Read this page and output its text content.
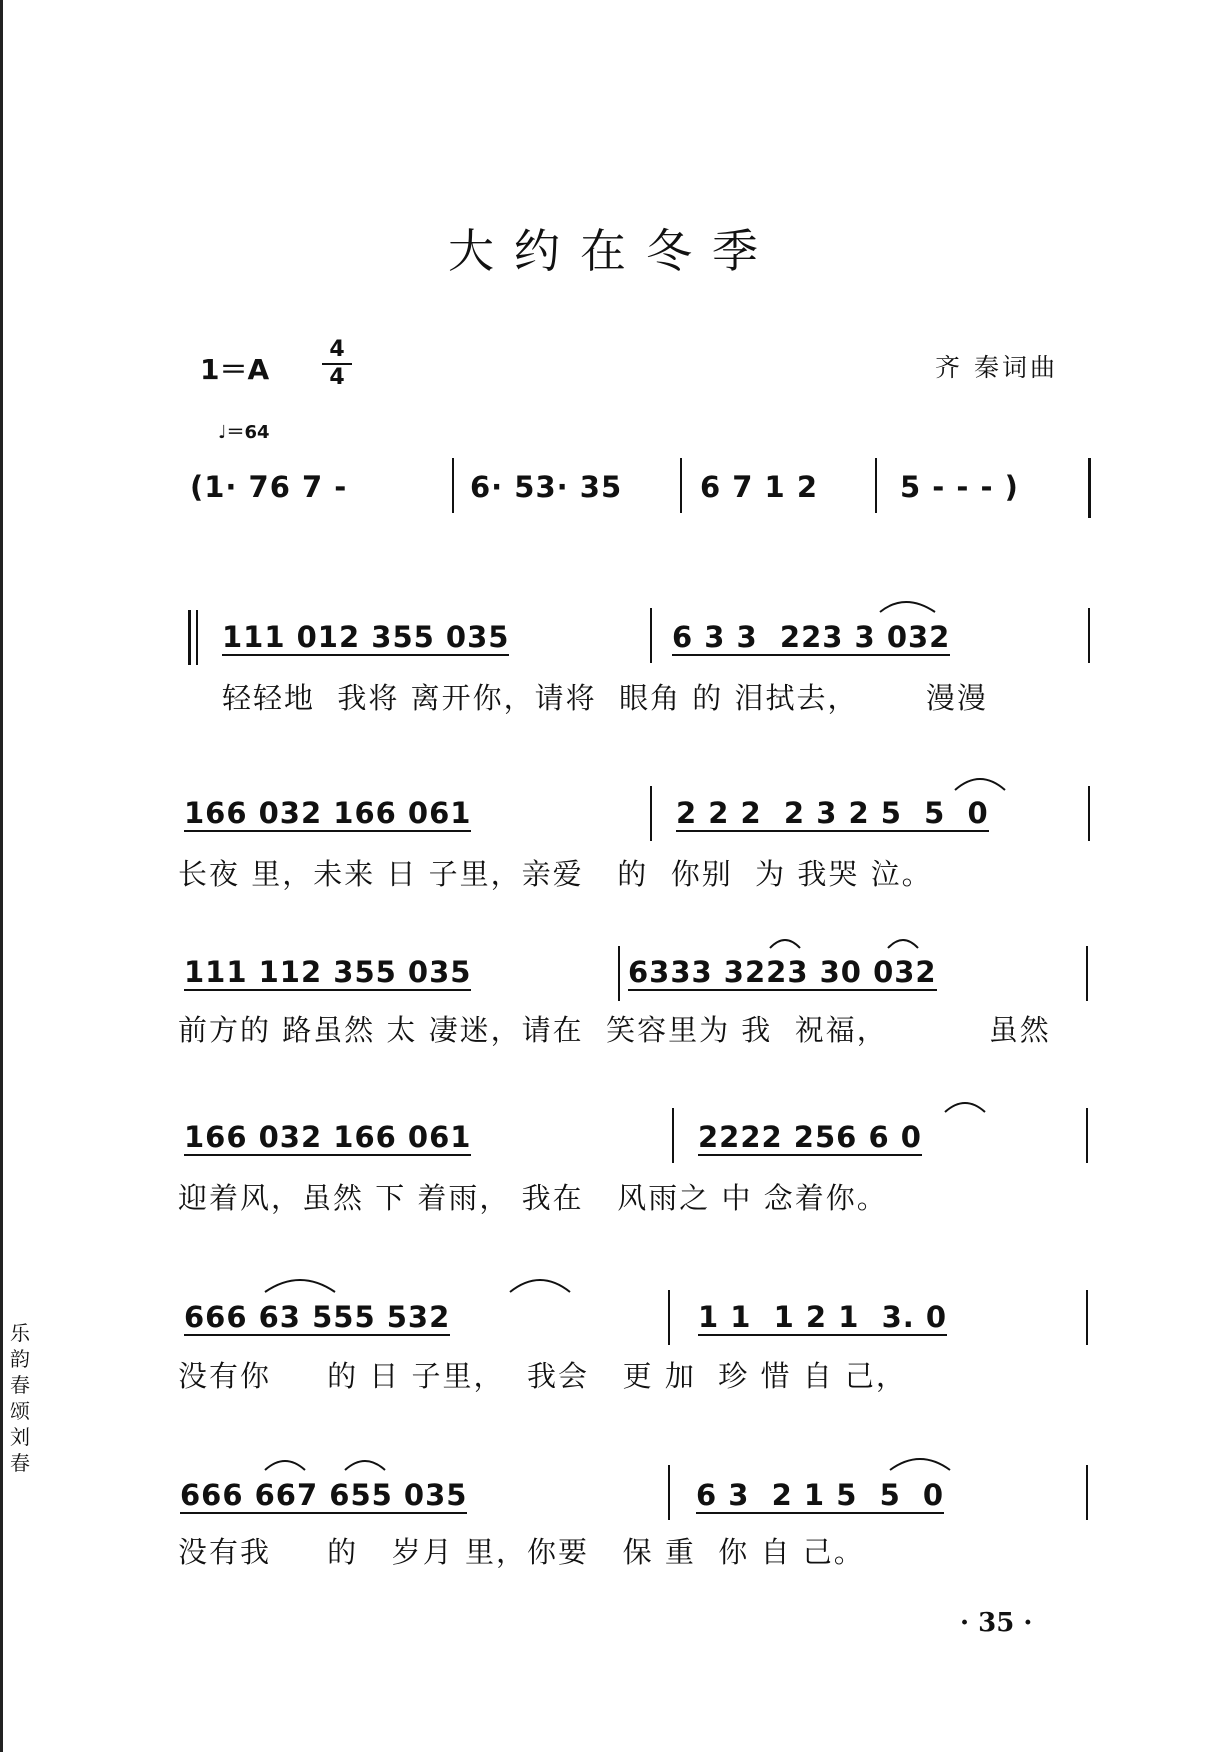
大约在冬季
1＝A
4
4
♩＝64
齐 秦词曲
(1· 76 7 -	6· 53· 35	6 7 1 2	5 - - - )
111 012 355 035	6 3 3  223 3 032
轻轻地  我将 离开你，请将  眼角 的 泪拭去，      漫漫
166 032 166 061	2 2 2  2 3 2 5  5  0
长夜 里，未来 日 子里，亲爱   的  你别  为 我哭 泣。
111 112 355 035	6333 3223 30 032
前方的 路虽然 太 凄迷，请在  笑容里为 我  祝福，         虽然
166 032 166 061	2222 256 6 0
迎着风，虽然 下 着雨， 我在   风雨之 中 念着你。
666 63 555 532	1 1  1 2 1  3. 0
没有你     的 日 子里，  我会   更 加  珍 惜 自 己，
666 667 655 035	6 3  2 1 5  5  0
没有我     的   岁月 里，你要   保 重  你 自 己。
· 35 ·
乐 韵 春 颂 刘 春
